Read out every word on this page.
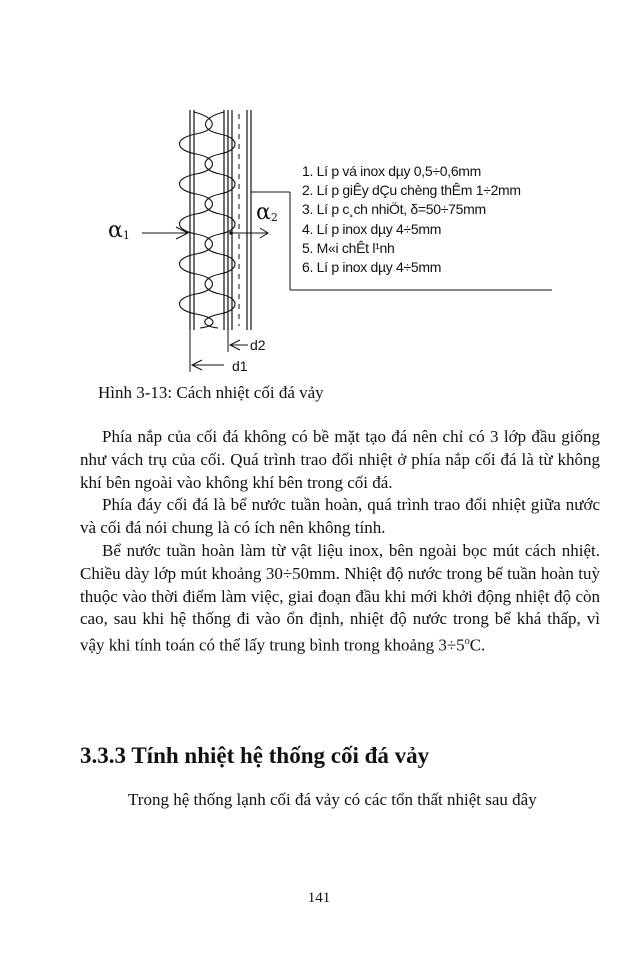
$\alpha_1$
$\alpha_2$
d2
d1
1. Lí p vá inox dµy 0,5÷0,6mm
2. Lí p giÊy dÇu chèng thÊm 1÷2mm
3. Lí p c¸ch nhiÖt, δ=50÷75mm
4. Lí p inox dµy 4÷5mm
5. M«i chÊt l¹nh
6. Lí p inox dµy 4÷5mm
Hình 3-13: Cách nhiệt cối đá vảy

Phía nắp của cối đá không có bề mặt tạo đá nên chỉ có 3 lớp đầu giống như vách trụ của cối. Quá trình trao đổi nhiệt ở phía nắp cối đá là từ không khí bên ngoài vào không khí bên trong cối đá.

Phía đáy cối đá là bể nước tuần hoàn, quá trình trao đổi nhiệt giữa nước và cối đá nói chung là có ích nên không tính.

Bể nước tuần hoàn làm từ vật liệu inox, bên ngoài bọc mút cách nhiệt. Chiều dày lớp mút khoảng 30÷50mm. Nhiệt độ nước trong bể tuần hoàn tuỳ thuộc vào thời điểm làm việc, giai đoạn đầu khi mới khởi động nhiệt độ còn cao, sau khi hệ thống đi vào ổn định, nhiệt độ nước trong bể khá thấp, vì vậy khi tính toán có thể lấy trung bình trong khoảng $3\div 5^oC$.

3.3.3 Tính nhiệt hệ thống cối đá vảy

Trong hệ thống lạnh cối đá vảy có các tổn thất nhiệt sau đây

141
